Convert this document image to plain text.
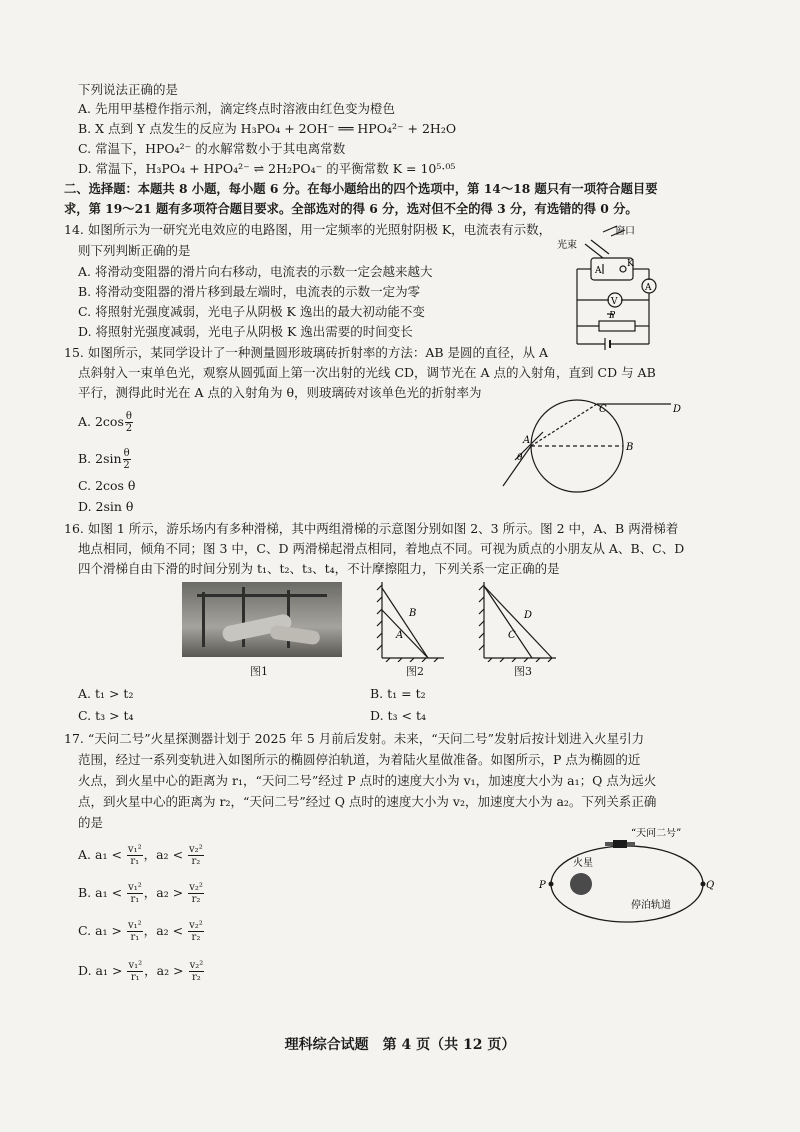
下列说法正确的是
A. 先用甲基橙作指示剂，滴定终点时溶液由红色变为橙色
B. X 点到 Y 点发生的反应为 H₃PO₄ + 2OH⁻ ══ HPO₄²⁻ + 2H₂O
C. 常温下，HPO₄²⁻ 的水解常数小于其电离常数
D. 常温下，H₃PO₄ + HPO₄²⁻ ⇌ 2H₂PO₄⁻ 的平衡常数 K = 10⁵·⁰⁵
二、选择题：本题共 8 小题，每小题 6 分。在每小题给出的四个选项中，第 14～18 题只有一项符合题目要
求，第 19～21 题有多项符合题目要求。全部选对的得 6 分，选对但不全的得 3 分，有选错的得 0 分。
14. 如图所示为一研究光电效应的电路图，用一定频率的光照射阴极 K，电流表有示数，
则下列判断正确的是
A. 将滑动变阻器的滑片向右移动，电流表的示数一定会越来越大
B. 将滑动变阻器的滑片移到最左端时，电流表的示数一定为零
C. 将照射光强度减弱，光电子从阴极 K 逸出的最大初动能不变
D. 将照射光强度减弱，光电子从阴极 K 逸出需要的时间变长
窗口
光束
A
K
A
V
P
15. 如图所示，某同学设计了一种测量圆形玻璃砖折射率的方法：AB 是圆的直径，从 A
点斜射入一束单色光，观察从圆弧面上第一次出射的光线 CD，调节光在 A 点的入射角，直到 CD 与 AB
平行，测得此时光在 A 点的入射角为 θ，则玻璃砖对该单色光的折射率为
A. $2\cos \frac{\theta}{2}$
B. $2\sin \frac{\theta}{2}$
C. 2cos θ
D. 2sin θ
A
B
C	D
θ
16. 如图 1 所示，游乐场内有多种滑梯，其中两组滑梯的示意图分别如图 2、3 所示。图 2 中，A、B 两滑梯着
地点相同，倾角不同；图 3 中，C、D 两滑梯起滑点相同，着地点不同。可视为质点的小朋友从 A、B、C、D
四个滑梯自由下滑的时间分别为 t₁、t₂、t₃、t₄，不计摩擦阻力，下列关系一定正确的是
图1
B
A
图2
D
C
图3
A. t₁ > t₂	B. t₁ = t₂
C. t₃ > t₄	D. t₃ < t₄
17. “天问二号”火星探测器计划于 2025 年 5 月前后发射。未来，“天问二号”发射后按计划进入火星引力
范围，经过一系列变轨进入如图所示的椭圆停泊轨道，为着陆火星做准备。如图所示，P 点为椭圆的近
火点，到火星中心的距离为 r₁，“天问二号”经过 P 点时的速度大小为 v₁，加速度大小为 a₁；Q 点为远火
点，到火星中心的距离为 r₂，“天问二号”经过 Q 点时的速度大小为 v₂，加速度大小为 a₂。下列关系正确
的是
A. $a_1 < \frac{\text{v₁²}}{\text{r₁}}$ ，$a_2 < \frac{\text{v₂²}}{\text{r₂}}$
B. $a_1 < \frac{\text{v₁²}}{\text{r₁}}$ ，$a_2 > \frac{\text{v₂²}}{\text{r₂}}$
C. $a_1 > \frac{\text{v₁²}}{\text{r₁}}$ ，$a_2 < \frac{\text{v₂²}}{\text{r₂}}$
D. $a_1 > \frac{\text{v₁²}}{\text{r₁}}$ ，$a_2 > \frac{\text{v₂²}}{\text{r₂}}$
“天问二号”
火星
停泊轨道
P	Q
理科综合试题　第 4 页（共 12 页）
